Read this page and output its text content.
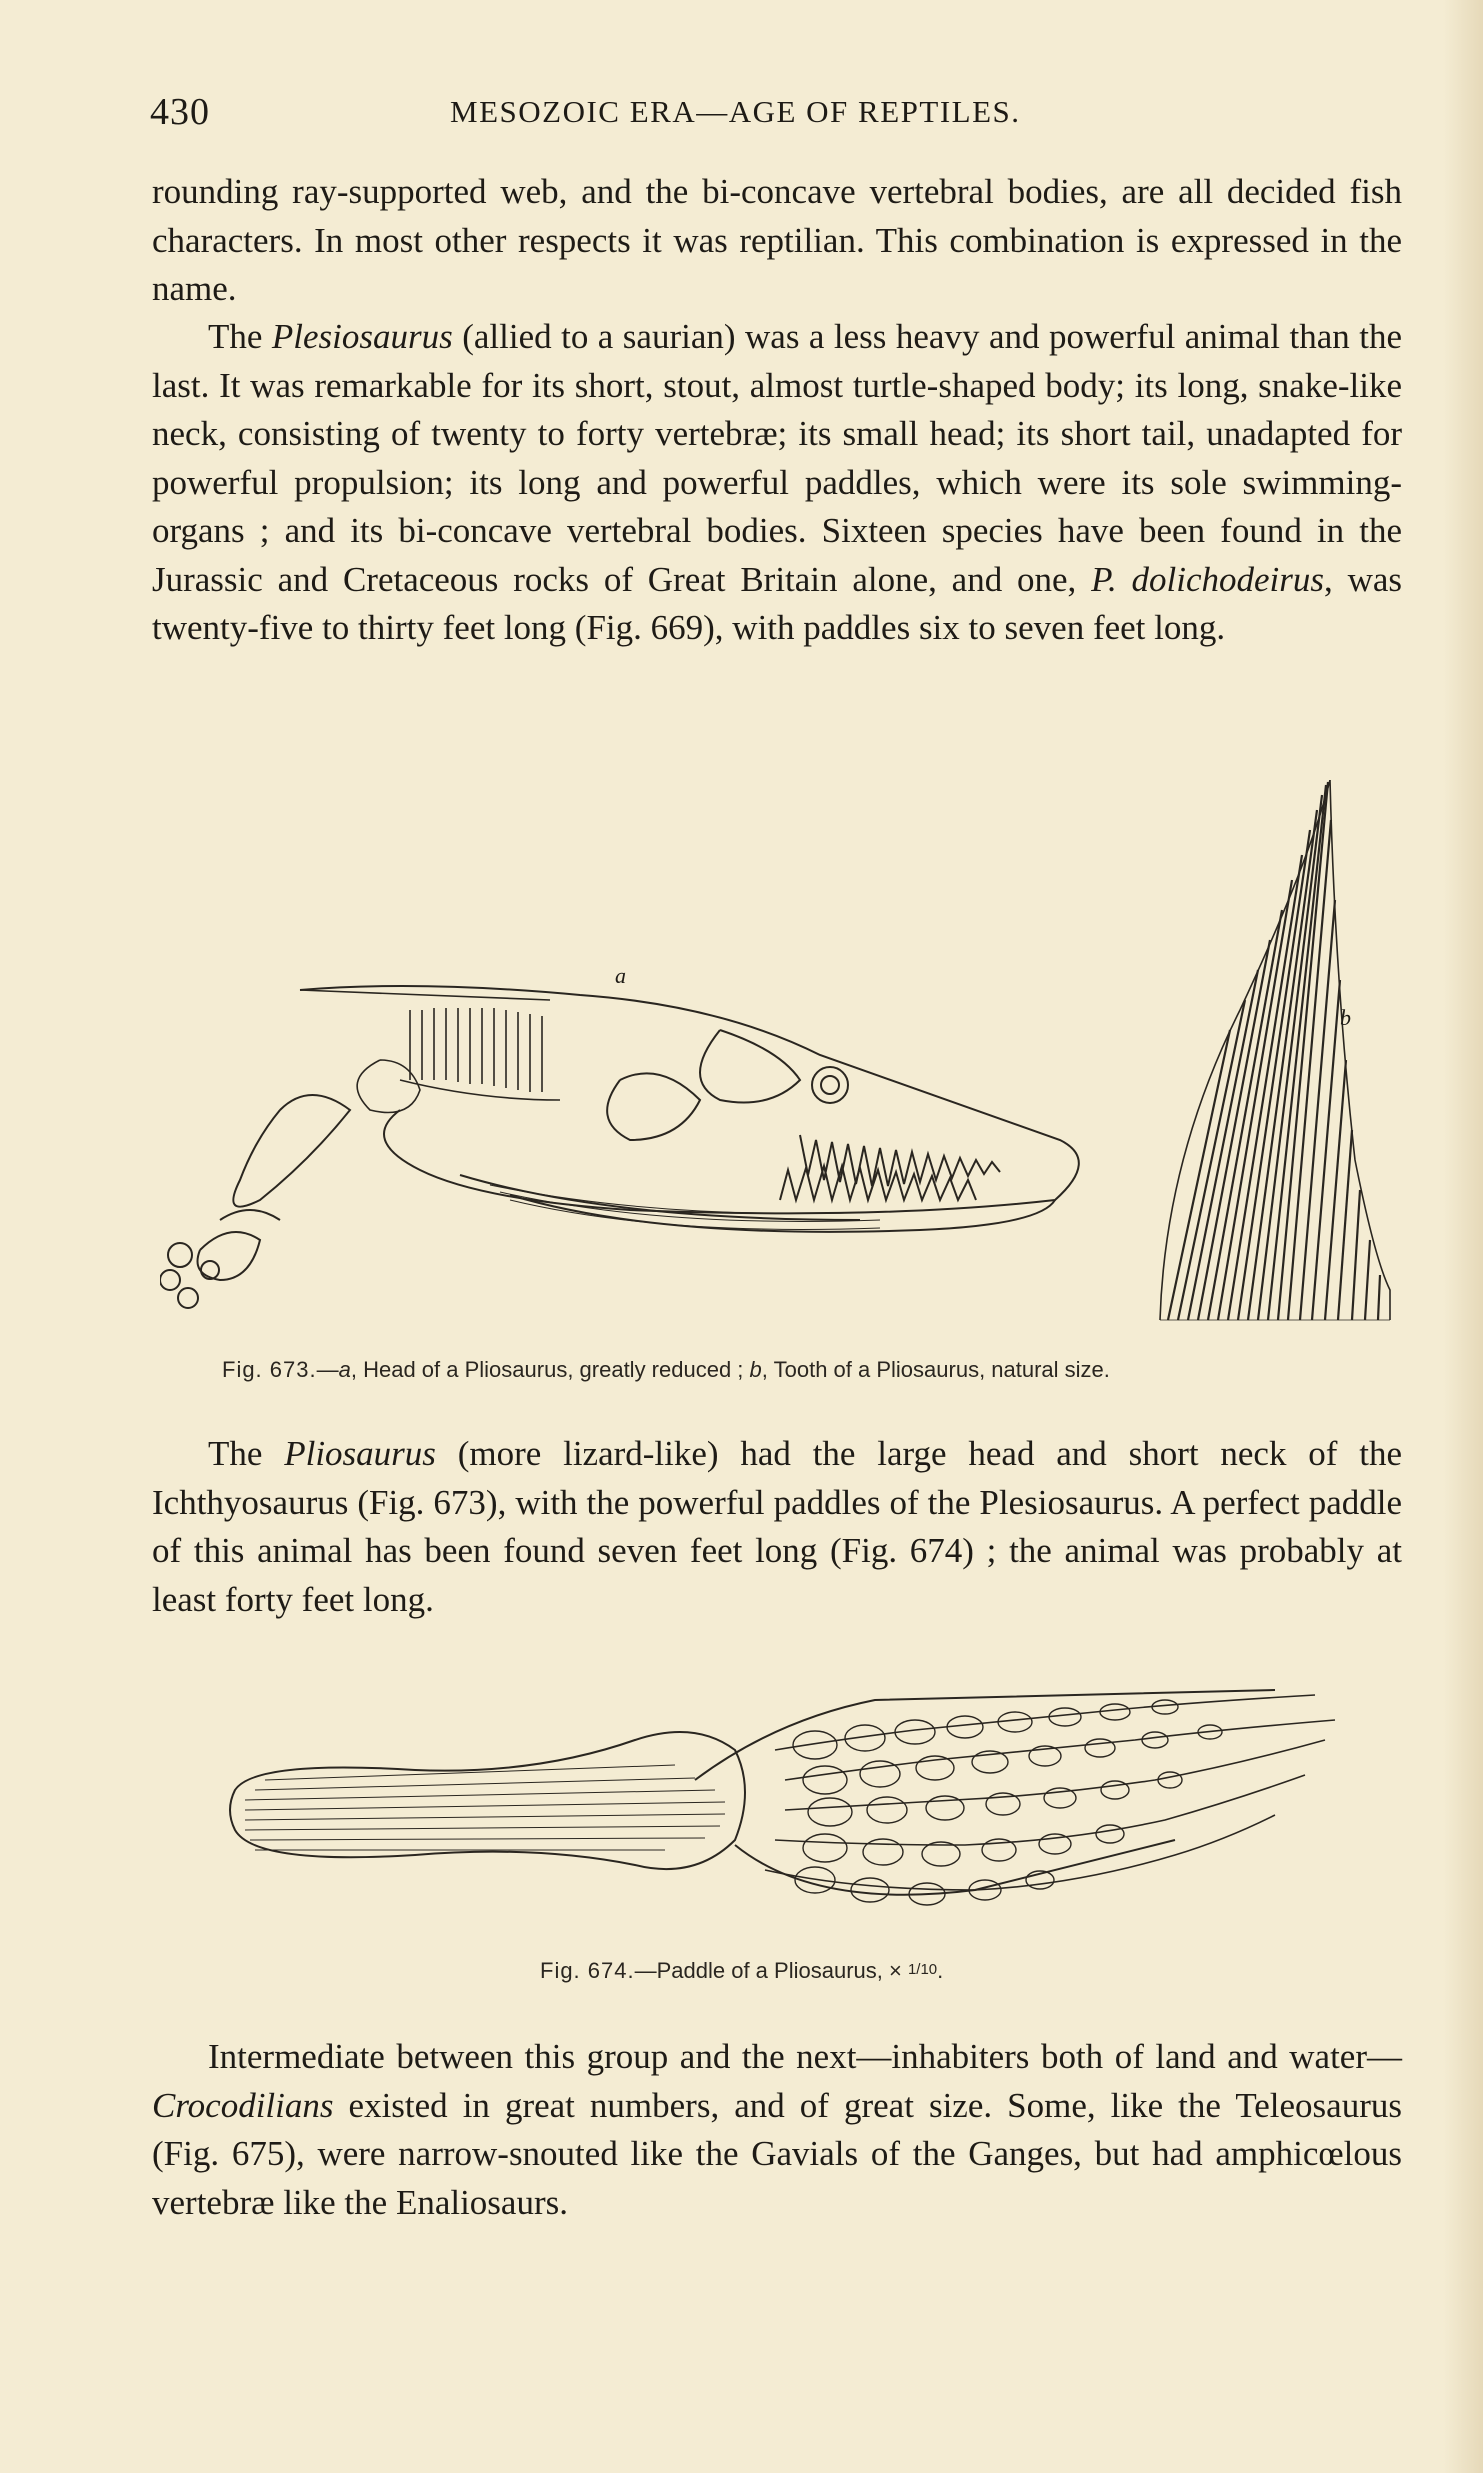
430	MESOZOIC ERA—AGE OF REPTILES.

rounding ray-supported web, and the bi-concave vertebral bodies, are all decided fish characters. In most other respects it was reptilian. This combination is expressed in the name.

The Plesiosaurus (allied to a saurian) was a less heavy and powerful animal than the last. It was remarkable for its short, stout, almost turtle-shaped body; its long, snake-like neck, consisting of twenty to forty vertebræ; its small head; its short tail, unadapted for powerful propulsion; its long and powerful paddles, which were its sole swimming-organs ; and its bi-concave vertebral bodies. Sixteen species have been found in the Jurassic and Cretaceous rocks of Great Britain alone, and one, P. dolichodeirus, was twenty-five to thirty feet long (Fig. 669), with paddles six to seven feet long.

a
b
Fig. 673.—a, Head of a Pliosaurus, greatly reduced ; b, Tooth of a Pliosaurus, natural size.

The Pliosaurus (more lizard-like) had the large head and short neck of the Ichthyosaurus (Fig. 673), with the powerful paddles of the Plesiosaurus. A perfect paddle of this animal has been found seven feet long (Fig. 674) ; the animal was probably at least forty feet long.

Fig. 674.—Paddle of a Pliosaurus, × 1/10.

Intermediate between this group and the next—inhabiters both of land and water—Crocodilians existed in great numbers, and of great size. Some, like the Teleosaurus (Fig. 675), were narrow-snouted like the Gavials of the Ganges, but had amphicœlous vertebræ like the Enaliosaurs.
